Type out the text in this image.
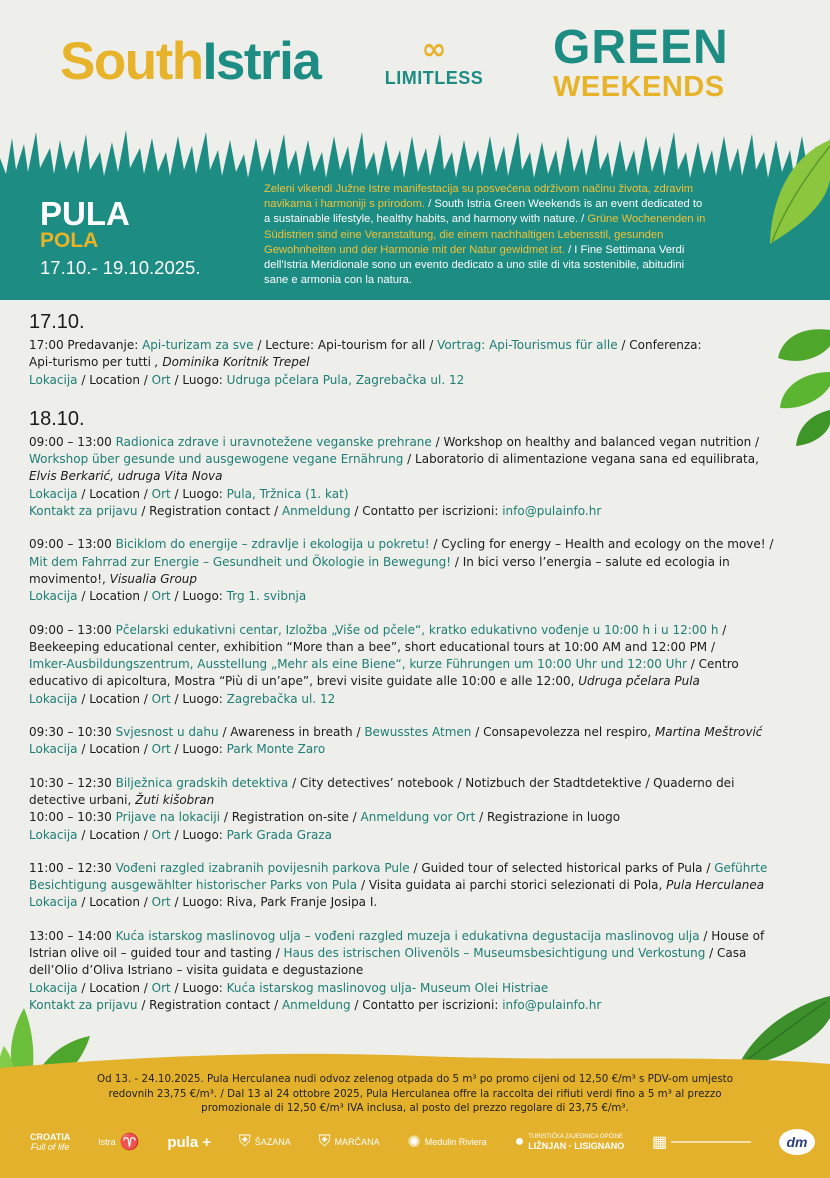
SouthIstria	∞
LIMITLESS
GREEN
WEEKENDS
PULA
POLA
17.10.- 19.10.2025.
Zeleni vikendi Južne Istre manifestacija su posvećena održivom načinu života, zdravim
navikama i harmoniji s prirodom. / South Istria Green Weekends is an event dedicated to
a sustainable lifestyle, healthy habits, and harmony with nature. / Grüne Wochenenden in
Südistrien sind eine Veranstaltung, die einem nachhaltigen Lebensstil, gesunden
Gewohnheiten und der Harmonie mit der Natur gewidmet ist. / I Fine Settimana Verdi
dell'Istria Meridionale sono un evento dedicato a uno stile di vita sostenibile, abitudini
sane e armonia con la natura.
17.10.
17:00 Predavanje: Api-turizam za sve / Lecture: Api-tourism for all / Vortrag: Api-Tourismus für alle / Conferenza:
Api-turismo per tutti , Dominika Koritnik Trepel
Lokacija / Location / Ort / Luogo: Udruga pčelara Pula, Zagrebačka ul. 12
18.10.
09:00 – 13:00 Radionica zdrave i uravnotežene veganske prehrane / Workshop on healthy and balanced vegan nutrition /
Workshop über gesunde und ausgewogene vegane Ernährung / Laboratorio di alimentazione vegana sana ed equilibrata,
Elvis Berkarić, udruga Vita Nova
Lokacija / Location / Ort / Luogo: Pula, Tržnica (1. kat)
Kontakt za prijavu / Registration contact / Anmeldung / Contatto per iscrizioni: info@pulainfo.hr
09:00 – 13:00 Biciklom do energije – zdravlje i ekologija u pokretu! / Cycling for energy – Health and ecology on the move! /
Mit dem Fahrrad zur Energie – Gesundheit und Ökologie in Bewegung! / In bici verso l’energia – salute ed ecologia in
movimento!, Visualia Group
Lokacija / Location / Ort / Luogo: Trg 1. svibnja
09:00 – 13:00 Pčelarski edukativni centar, Izložba „Više od pčele“, kratko edukativno vođenje u 10:00 h i u 12:00 h /
Beekeeping educational center, exhibition “More than a bee”, short educational tours at 10:00 AM and 12:00 PM /
Imker-Ausbildungszentrum, Ausstellung „Mehr als eine Biene“, kurze Führungen um 10:00 Uhr und 12:00 Uhr / Centro
educativo di apicoltura, Mostra “Più di un’ape”, brevi visite guidate alle 10:00 e alle 12:00, Udruga pčelara Pula
Lokacija / Location / Ort / Luogo: Zagrebačka ul. 12
09:30 – 10:30 Svjesnost u dahu / Awareness in breath / Bewusstes Atmen / Consapevolezza nel respiro, Martina Meštrović
Lokacija / Location / Ort / Luogo: Park Monte Zaro
10:30 – 12:30 Bilježnica gradskih detektiva / City detectives’ notebook / Notizbuch der Stadtdetektive / Quaderno dei
detective urbani, Žuti kišobran
10:00 – 10:30 Prijave na lokaciji / Registration on-site / Anmeldung vor Ort / Registrazione in luogo
Lokacija / Location / Ort / Luogo: Park Grada Graza
11:00 – 12:30 Vođeni razgled izabranih povijesnih parkova Pule / Guided tour of selected historical parks of Pula / Geführte
Besichtigung ausgewählter historischer Parks von Pula / Visita guidata ai parchi storici selezionati di Pola, Pula Herculanea
Lokacija / Location / Ort / Luogo: Riva, Park Franje Josipa I.
13:00 – 14:00 Kuća istarskog maslinovog ulja – vođeni razgled muzeja i edukativna degustacija maslinovog ulja / House of
Istrian olive oil – guided tour and tasting / Haus des istrischen Olivenöls – Museumsbesichtigung und Verkostung / Casa
dell’Olio d’Oliva Istriano – visita guidata e degustazione
Lokacija / Location / Ort / Luogo: Kuća istarskog maslinovog ulja- Museum Olei Histriae
Kontakt za prijavu / Registration contact / Anmeldung / Contatto per iscrizioni: info@pulainfo.hr
Od 13. - 24.10.2025. Pula Herculanea nudi odvoz zelenog otpada do 5 m³ po promo cijeni od 12,50 €/m³ s PDV-om umjesto
redovnih 23,75 €/m³. / Dal 13 al 24 ottobre 2025, Pula Herculanea offre la raccolta dei rifiuti verdi fino a 5 m³ al prezzo
promozionale di 12,50 €/m³ IVA inclusa, al posto del prezzo regolare di 23,75 €/m³.
CROATIA
Full of life	Istra ♈ pula + ⛨ ŠAZANA ⛨ MARČANA ✺ Medulin Riviera ● TURISTIČKA ZAJEDNICA OPĆINE
LIŽNJAN · LISIGNANO ▦	dm
